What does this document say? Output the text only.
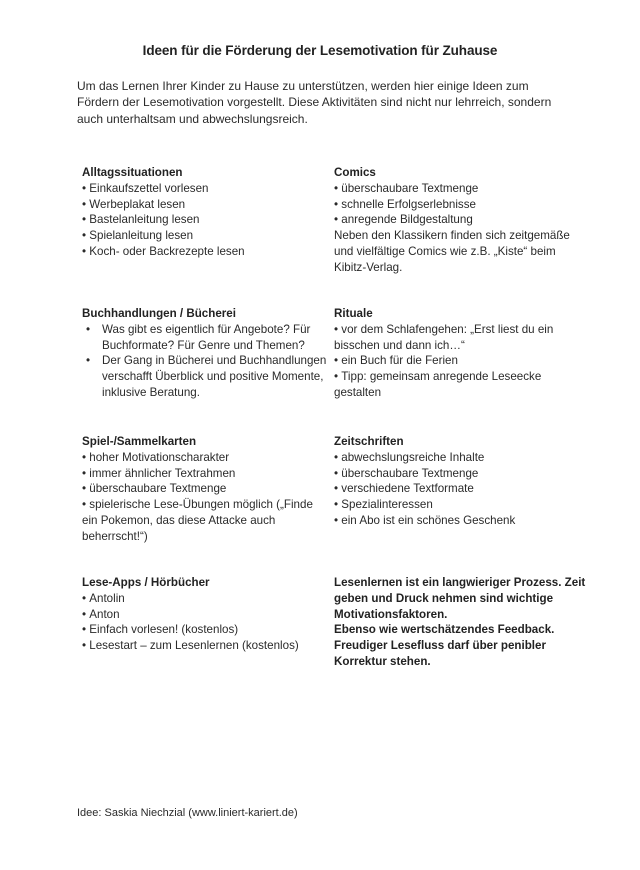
Ideen für die Förderung der Lesemotivation für Zuhause
Um das Lernen Ihrer Kinder zu Hause zu unterstützen, werden hier einige Ideen zum Fördern der Lesemotivation vorgestellt. Diese Aktivitäten sind nicht nur lehrreich, sondern auch unterhaltsam und abwechslungsreich.
Alltagssituationen
• Einkaufszettel vorlesen
• Werbeplakat lesen
• Bastelanleitung lesen
• Spielanleitung lesen
• Koch- oder Backrezepte lesen
Comics
• überschaubare Textmenge
• schnelle Erfolgserlebnisse
• anregende Bildgestaltung
Neben den Klassikern finden sich zeitgemäße und vielfältige Comics wie z.B. „Kiste“ beim Kibitz-Verlag.
Buchhandlungen / Bücherei
• Was gibt es eigentlich für Angebote? Für Buchformate? Für Genre und Themen?
• Der Gang in Bücherei und Buchhandlungen verschafft Überblick und positive Momente, inklusive Beratung.
Rituale
• vor dem Schlafengehen: „Erst liest du ein bisschen und dann ich…“
• ein Buch für die Ferien
• Tipp: gemeinsam anregende Leseecke gestalten
Spiel-/Sammelkarten
• hoher Motivationscharakter
• immer ähnlicher Textrahmen
• überschaubare Textmenge
• spielerische Lese-Übungen möglich („Finde ein Pokemon, das diese Attacke auch beherrscht!“)
Zeitschriften
• abwechslungsreiche Inhalte
• überschaubare Textmenge
• verschiedene Textformate
• Spezialinteressen
• ein Abo ist ein schönes Geschenk
Lese-Apps / Hörbücher
• Antolin
• Anton
• Einfach vorlesen! (kostenlos)
• Lesestart – zum Lesenlernen (kostenlos)
Lesenlernen ist ein langwieriger Prozess. Zeit geben und Druck nehmen sind wichtige Motivationsfaktoren.
Ebenso wie wertschätzendes Feedback.
Freudiger Lesefluss darf über penibler Korrektur stehen.
Idee: Saskia Niechzial (www.liniert-kariert.de)
